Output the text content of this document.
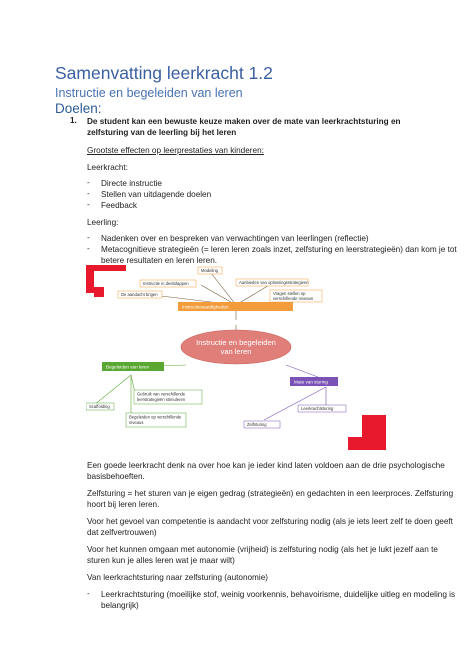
Samenvatting leerkracht 1.2
Instructie en begeleiden van leren
Doelen:
1. De student kan een bewuste keuze maken over de mate van leerkrachtsturing en
zelfsturing van de leerling bij het leren
Grootste effecten op leerprestaties van kinderen:
Leerkracht:
- Directe instructie
- Stellen van uitdagende doelen
- Feedback
Leerling:
- Nadenken over en bespreken van verwachtingen van leerlingen (reflectie)
- Metacognitieve strategieën (= leren leren zoals inzet, zelfsturing en leerstrategieën) dan kom je tot
betere resultaten en leren leren.
Instructie en begeleiden
van leren
Instructievaardigheden
Modeling
Instructie in deeltdappen	Aanbieden van oplossingsstrategieen
De aandacht brigen	Vragen stellen op
verschillende niveaus
Begeleiden van leren
Scaffolding
Gebruik van verschillende
leerstrategieën stimuleren
Begeleiden op verschillende
niveaus
Mate van sturing
Leerkrachtsturing
Zelfsturing
Een goede leerkracht denk na over hoe kan je ieder kind laten voldoen aan de drie psychologische
basisbehoeften.
Zelfsturing = het sturen van je eigen gedrag (strategieën) en gedachten in een leerproces. Zelfsturing
hoort bij leren leren.
Voor het gevoel van competentie is aandacht voor zelfsturing nodig (als je iets leert zelf te doen geeft
dat zelfvertrouwen)
Voor het kunnen omgaan met autonomie (vrijheid) is zelfsturing nodig (als het je lukt jezelf aan te
sturen kun je alles leren wat je maar wilt)
Van leerkrachtsturing naar zelfsturing (autonomie)
- Leerkrachtsturing (moeilijke stof, weinig voorkennis, behavoirisme, duidelijke uitleg en modeling is
belangrijk)
